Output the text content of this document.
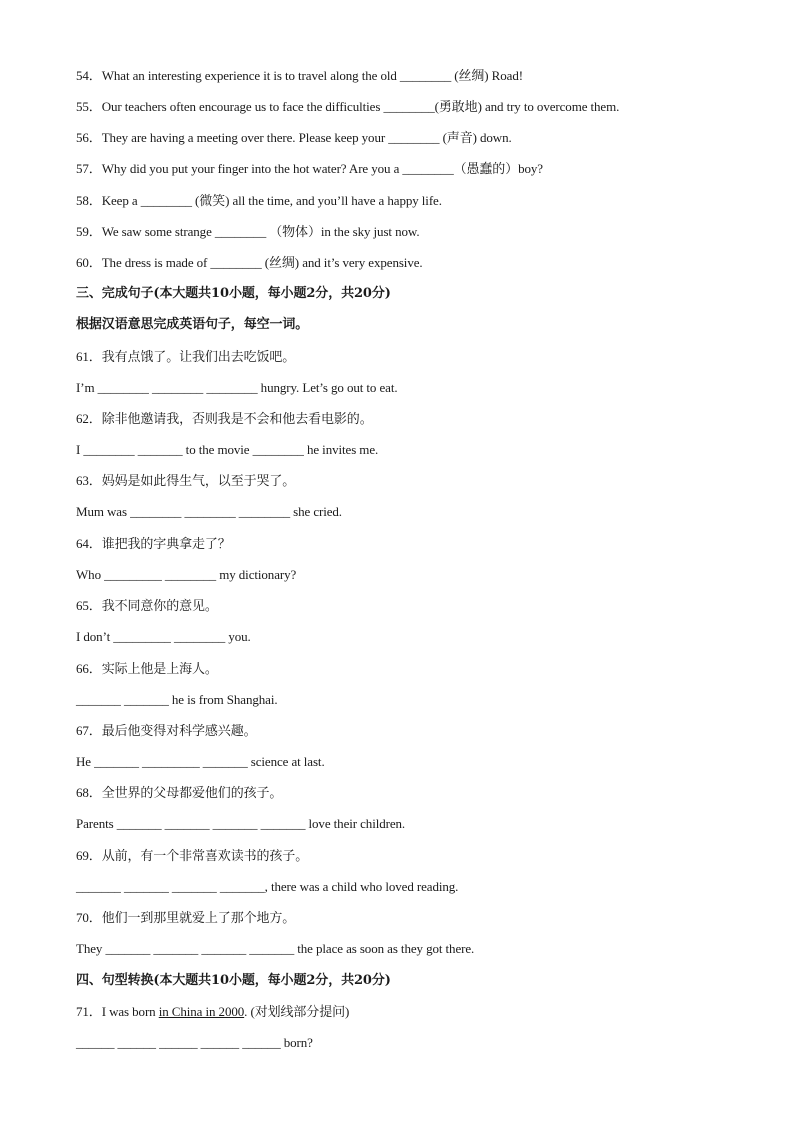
54．What an interesting experience it is to travel along the old ________ (丝绸) Road!
55．Our teachers often encourage us to face the difficulties ________(勇敢地) and try to overcome them.
56．They are having a meeting over there. Please keep your ________ (声音) down.
57．Why did you put your finger into the hot water? Are you a ________（愚蠢的）boy?
58．Keep a ________ (微笑) all the time, and you’ll have a happy life.
59．We saw some strange ________ （物体）in the sky just now.
60．The dress is made of ________ (丝绸) and it’s very expensive.
三、完成句子(本大题共10小题，每小题2分，共20分)
根据汉语意思完成英语句子，每空一词。
61．我有点饿了。让我们出去吃饭吧。
I’m ________ ________ ________ hungry. Let’s go out to eat.
62．除非他邀请我，否则我是不会和他去看电影的。
I ________ _______ to the movie ________ he invites me.
63．妈妈是如此得生气，以至于哭了。
Mum was ________ ________ ________ she cried.
64．谁把我的字典拿走了？
Who _________ ________ my dictionary?
65．我不同意你的意见。
I don’t _________ ________ you.
66．实际上他是上海人。
_______ _______ he is from Shanghai.
67．最后他变得对科学感兴趣。
He _______ _________ _______ science at last.
68．全世界的父母都爱他们的孩子。
Parents _______ _______ _______ _______ love their children.
69．从前，有一个非常喜欢读书的孩子。
_______ _______ _______ _______, there was a child who loved reading.
70．他们一到那里就爱上了那个地方。
They _______ _______ _______ _______ the place as soon as they got there.
四、句型转换(本大题共10小题，每小题2分，共20分)
71．I was born in China in 2000. (对划线部分提问)
______ ______ ______ ______ ______ born?
